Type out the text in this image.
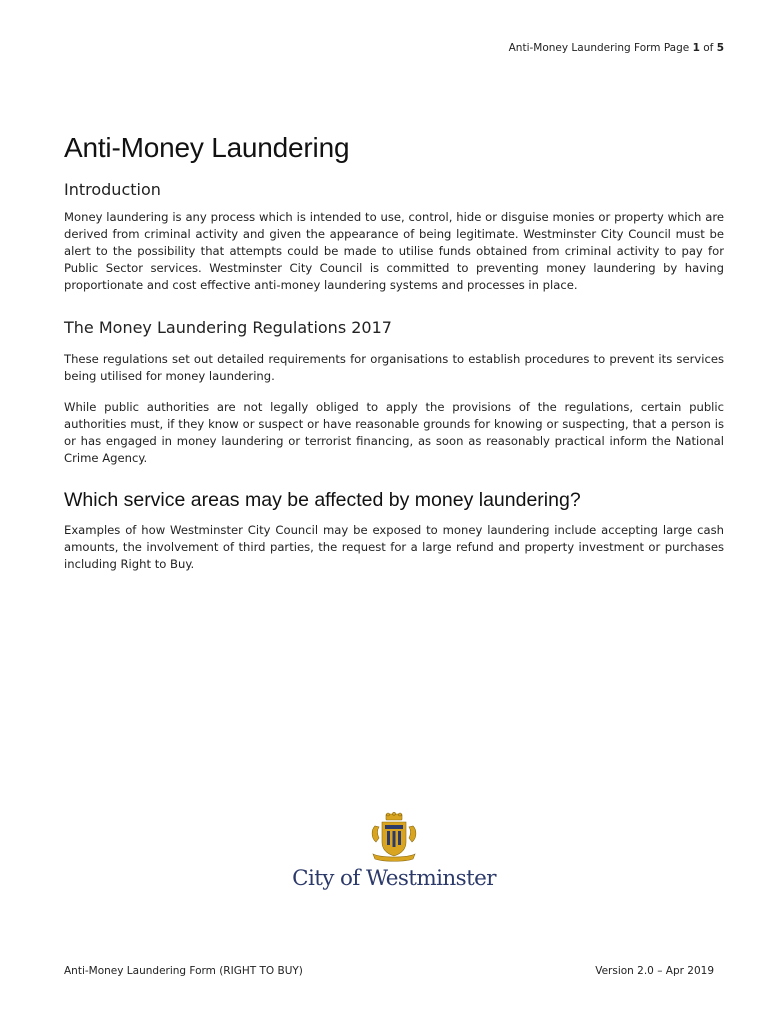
Anti-Money Laundering Form Page 1 of 5
Anti-Money Laundering
Introduction

Money laundering is any process which is intended to use, control, hide or disguise monies or property which are derived from criminal activity and given the appearance of being legitimate. Westminster City Council must be alert to the possibility that attempts could be made to utilise funds obtained from criminal activity to pay for Public Sector services. Westminster City Council is committed to preventing money laundering by having proportionate and cost effective anti-money laundering systems and processes in place.

The Money Laundering Regulations 2017

These regulations set out detailed requirements for organisations to establish procedures to prevent its services being utilised for money laundering.

While public authorities are not legally obliged to apply the provisions of the regulations, certain public authorities must, if they know or suspect or have reasonable grounds for knowing or suspecting, that a person is or has engaged in money laundering or terrorist financing, as soon as reasonably practical inform the National Crime Agency.

Which service areas may be affected by money laundering?

Examples of how Westminster City Council may be exposed to money laundering include accepting large cash amounts, the involvement of third parties, the request for a large refund and property investment or purchases including Right to Buy.

City of Westminster
Anti-Money Laundering Form (RIGHT TO BUY)	Version 2.0 – Apr 2019
